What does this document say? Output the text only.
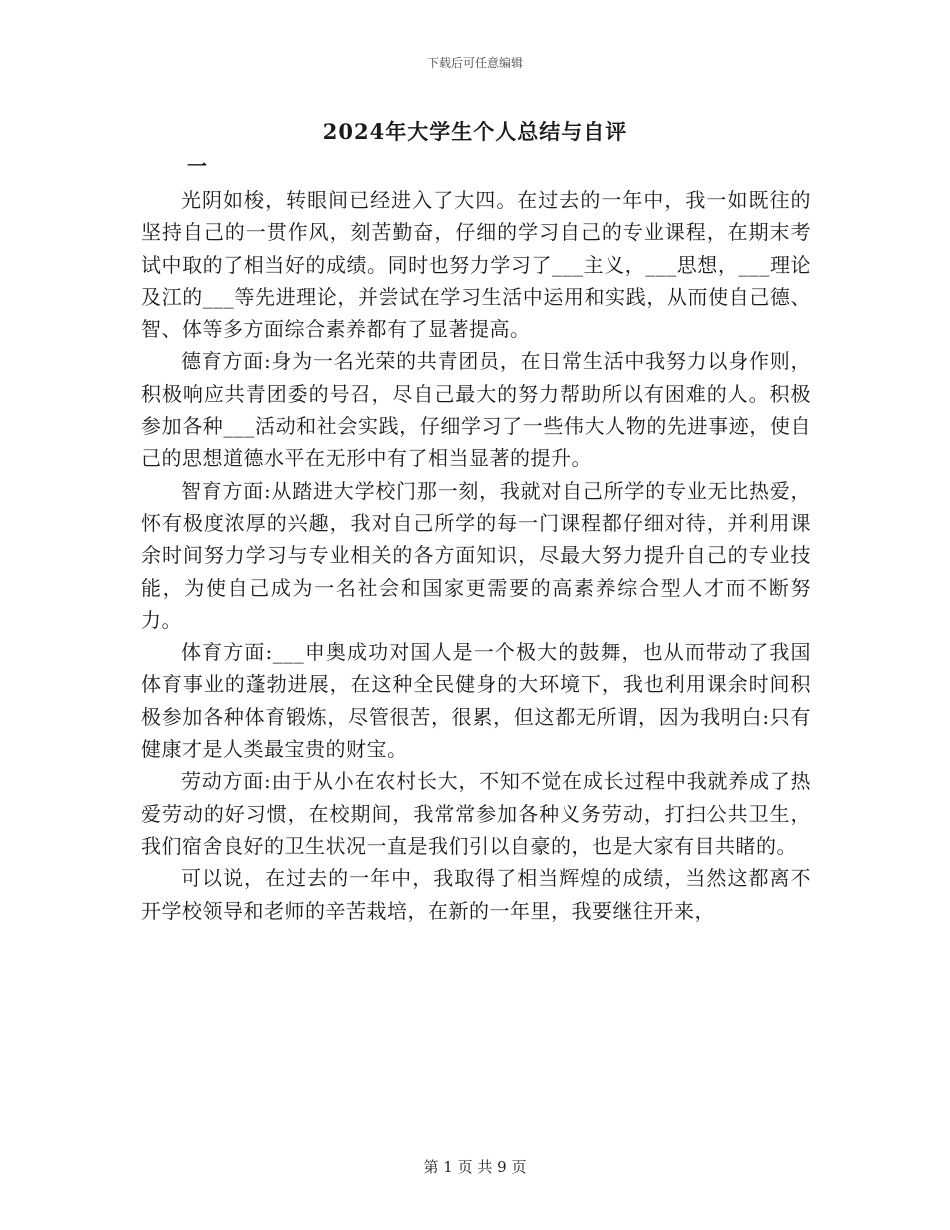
下载后可任意编辑
2024年大学生个人总结与自评
一

光阴如梭，转眼间已经进入了大四。在过去的一年中，我一如既往的坚持自己的一贯作风，刻苦勤奋，仔细的学习自己的专业课程，在期末考试中取的了相当好的成绩。同时也努力学习了___主义，___思想，___理论及江的___等先进理论，并尝试在学习生活中运用和实践，从而使自己德、智、体等多方面综合素养都有了显著提高。

德育方面:身为一名光荣的共青团员，在日常生活中我努力以身作则，积极响应共青团委的号召，尽自己最大的努力帮助所以有困难的人。积极参加各种___活动和社会实践，仔细学习了一些伟大人物的先进事迹，使自己的思想道德水平在无形中有了相当显著的提升。

智育方面:从踏进大学校门那一刻，我就对自己所学的专业无比热爱，怀有极度浓厚的兴趣，我对自己所学的每一门课程都仔细对待，并利用课余时间努力学习与专业相关的各方面知识，尽最大努力提升自己的专业技能，为使自己成为一名社会和国家更需要的高素养综合型人才而不断努力。

体育方面:___申奥成功对国人是一个极大的鼓舞，也从而带动了我国体育事业的蓬勃进展，在这种全民健身的大环境下，我也利用课余时间积极参加各种体育锻炼，尽管很苦，很累，但这都无所谓，因为我明白:只有健康才是人类最宝贵的财宝。

劳动方面:由于从小在农村长大，不知不觉在成长过程中我就养成了热爱劳动的好习惯，在校期间，我常常参加各种义务劳动，打扫公共卫生，我们宿舍良好的卫生状况一直是我们引以自豪的，也是大家有目共睹的。

可以说，在过去的一年中，我取得了相当辉煌的成绩，当然这都离不开学校领导和老师的辛苦栽培，在新的一年里，我要继往开来，

第 1 页 共 9 页
